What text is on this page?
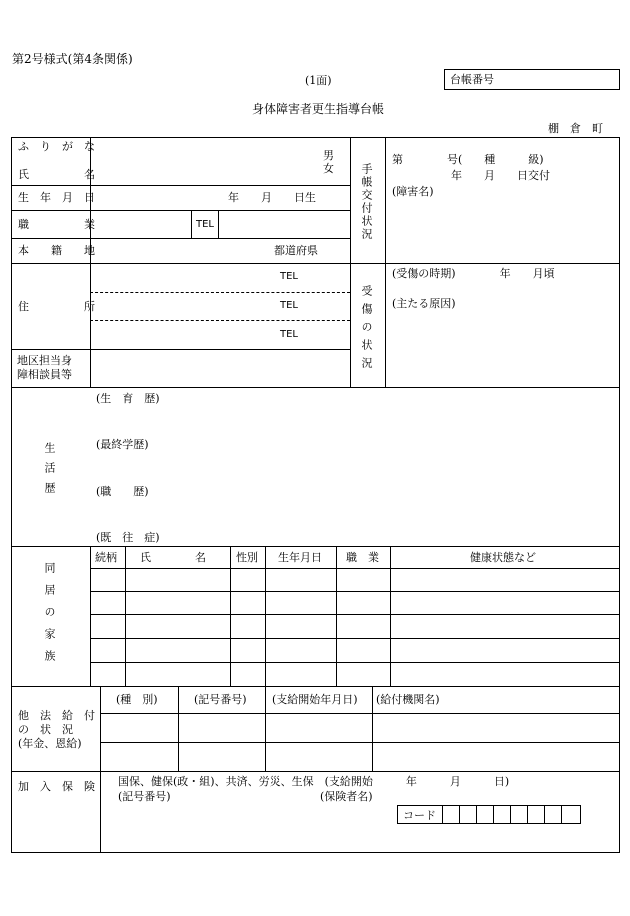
第2号様式(第4条関係)
(1面)	台帳番号
身体障害者更生指導台帳
棚　倉　町
ふ　り　が　な
氏　　　　　名
男
女
生　年　月　日	年　　月　　日生
職　　　　　業	TEL
本　　籍　　地	都道府県
住　　　　　所
TEL
TEL
TEL
地区担当身
障相談員等
手帳交付状況
第　　　　号(　　種　　　級)
年　　月　　日交付
(障害名)
受傷の状況
(受傷の時期)　　　　年　　月頃
(主たる原因)
生活歴
(生　育　歴)
(最終学歴)
(職　　歴)
(既　往　症)
同居の家族
続柄 氏　　　　名	性別 生年月日 職　業	健康状態など
他　法　給　付
の　状　況
(年金、恩給)
(種　別)	(記号番号) (支給開始年月日) (給付機関名)
加　入　保　険 国保、健保(政・組)、共済、労災、生保　(支給開始　　　年　　　月　　　日)
(記号番号)	(保険者名)
コード
